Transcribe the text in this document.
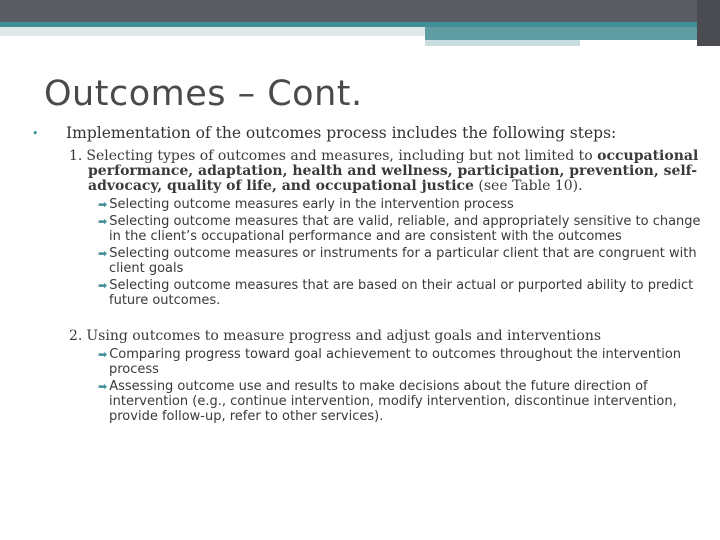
Outcomes – Cont.
• Implementation of the outcomes process includes the following steps:
1. Selecting types of outcomes and measures, including but not limited to occupational performance, adaptation, health and wellness, participation, prevention, self-advocacy, quality of life, and occupational justice (see Table 10).
➡ Selecting outcome measures early in the intervention process
➡ Selecting outcome measures that are valid, reliable, and appropriately sensitive to change in the client’s occupational performance and are consistent with the outcomes
➡ Selecting outcome measures or instruments for a particular client that are congruent with client goals
➡ Selecting outcome measures that are based on their actual or purported ability to predict future outcomes.
2. Using outcomes to measure progress and adjust goals and interventions
➡ Comparing progress toward goal achievement to outcomes throughout the intervention process
➡ Assessing outcome use and results to make decisions about the future direction of intervention (e.g., continue intervention, modify intervention, discontinue intervention, provide follow-up, refer to other services).
